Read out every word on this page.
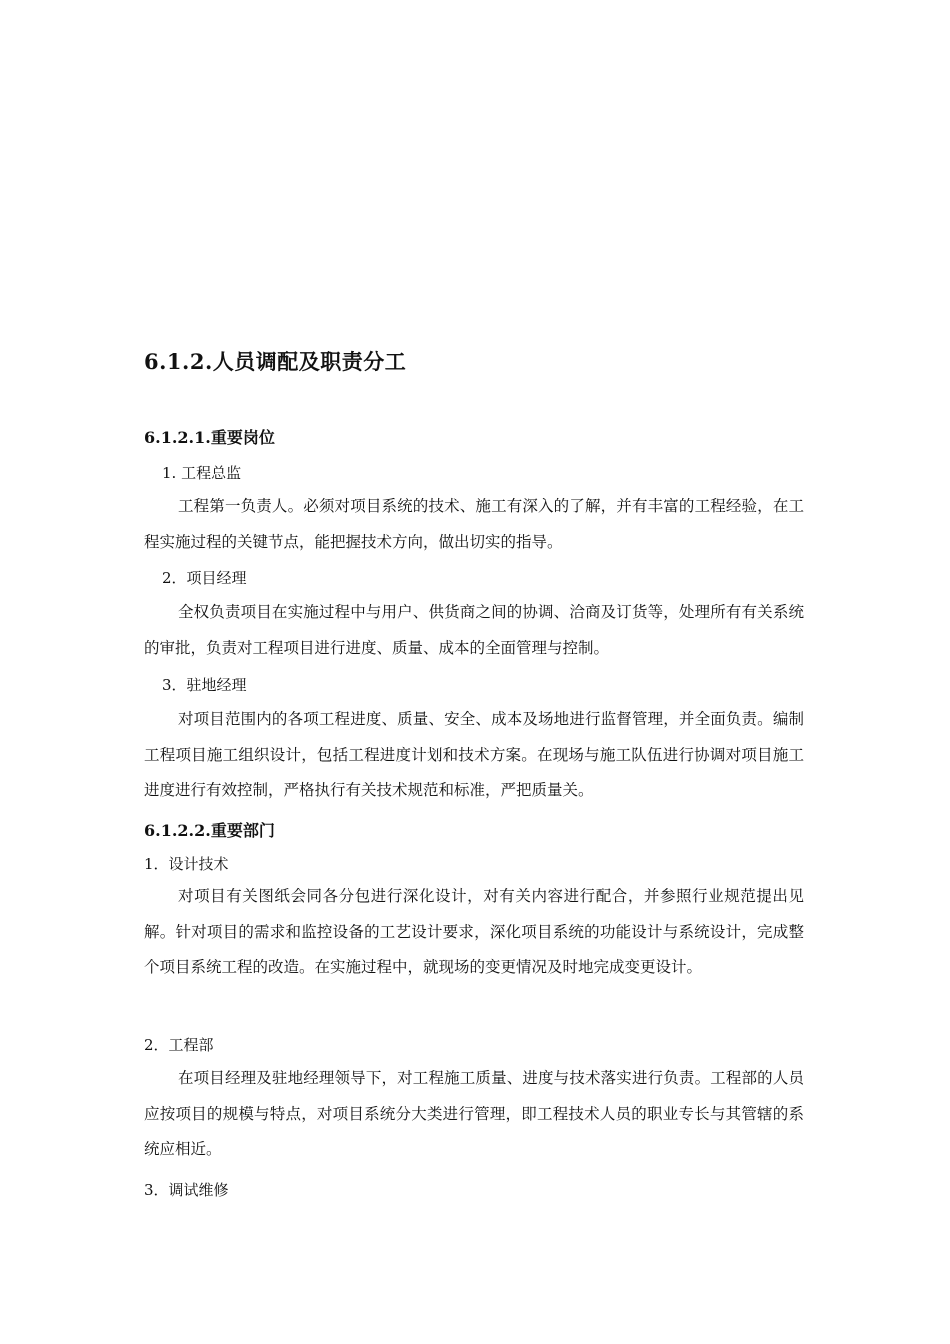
6.1.2.人员调配及职责分工
6.1.2.1.重要岗位
1. 工程总监

工程第一负责人。必须对项目系统的技术、施工有深入的了解，并有丰富的工程经验，在工程实施过程的关键节点，能把握技术方向，做出切实的指导。

2．项目经理

全权负责项目在实施过程中与用户、供货商之间的协调、洽商及订货等，处理所有有关系统的审批，负责对工程项目进行进度、质量、成本的全面管理与控制。

3．驻地经理

对项目范围内的各项工程进度、质量、安全、成本及场地进行监督管理，并全面负责。编制工程项目施工组织设计，包括工程进度计划和技术方案。在现场与施工队伍进行协调对项目施工进度进行有效控制，严格执行有关技术规范和标准，严把质量关。

6.1.2.2.重要部门
1．设计技术

对项目有关图纸会同各分包进行深化设计，对有关内容进行配合，并参照行业规范提出见解。针对项目的需求和监控设备的工艺设计要求，深化项目系统的功能设计与系统设计，完成整个项目系统工程的改造。在实施过程中，就现场的变更情况及时地完成变更设计。

2．工程部

在项目经理及驻地经理领导下，对工程施工质量、进度与技术落实进行负责。工程部的人员应按项目的规模与特点，对项目系统分大类进行管理，即工程技术人员的职业专长与其管辖的系统应相近。

3．调试维修
